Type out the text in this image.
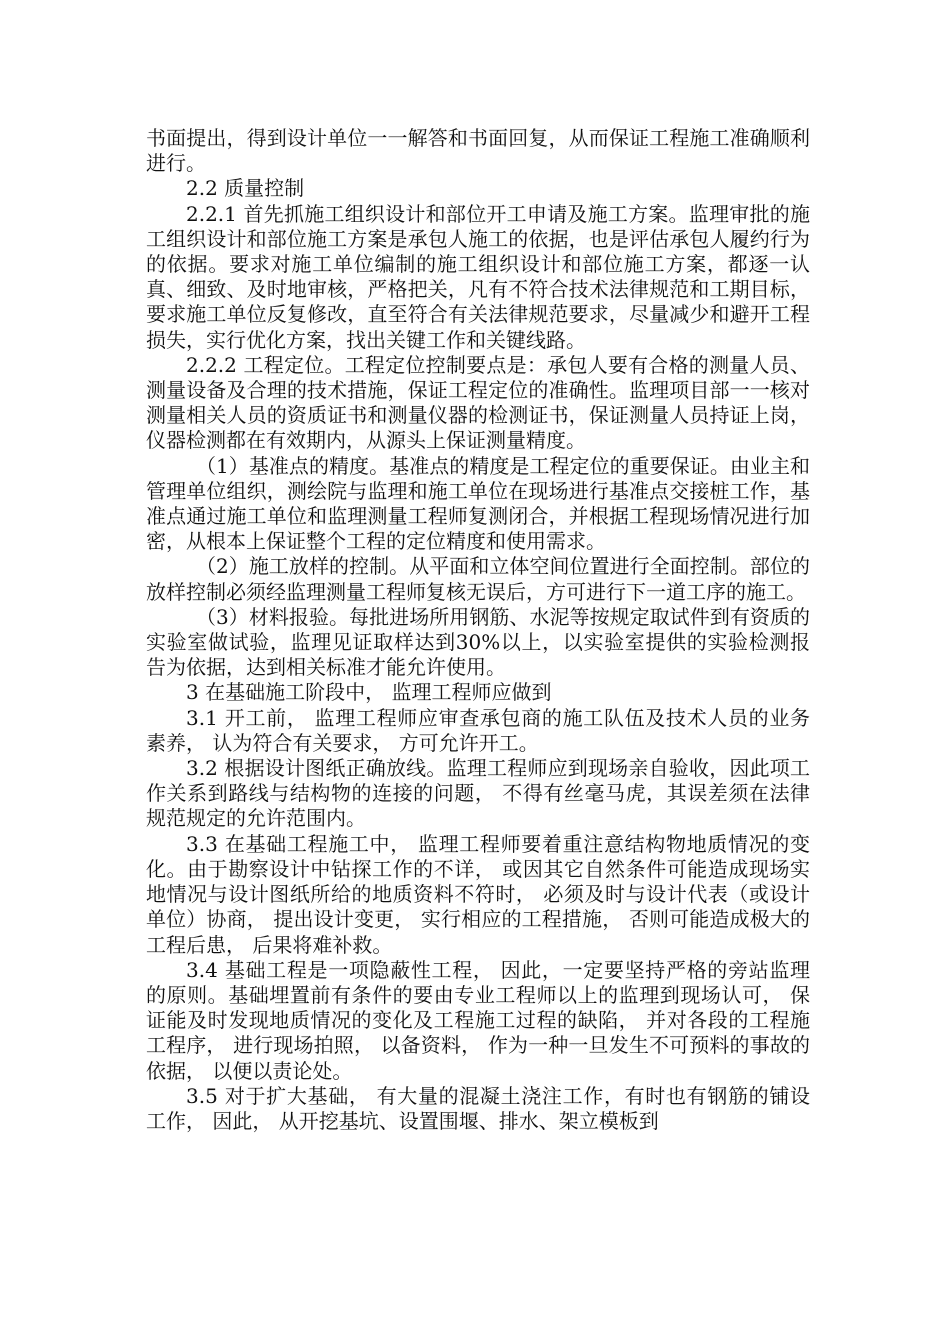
书面提出，得到设计单位一一解答和书面回复，从而保证工程施工准确顺利进行。

2.2 质量控制

2.2.1 首先抓施工组织设计和部位开工申请及施工方案。监理审批的施工组织设计和部位施工方案是承包人施工的依据，也是评估承包人履约行为的依据。要求对施工单位编制的施工组织设计和部位施工方案，都逐一认真、细致、及时地审核，严格把关，凡有不符合技术法律规范和工期目标，要求施工单位反复修改，直至符合有关法律规范要求，尽量减少和避开工程损失，实行优化方案，找出关键工作和关键线路。

2.2.2 工程定位。工程定位控制要点是：承包人要有合格的测量人员、测量设备及合理的技术措施，保证工程定位的准确性。监理项目部一一核对测量相关人员的资质证书和测量仪器的检测证书，保证测量人员持证上岗，仪器检测都在有效期内，从源头上保证测量精度。

（1）基准点的精度。基准点的精度是工程定位的重要保证。由业主和管理单位组织，测绘院与监理和施工单位在现场进行基准点交接桩工作，基准点通过施工单位和监理测量工程师复测闭合，并根据工程现场情况进行加密，从根本上保证整个工程的定位精度和使用需求。

（2）施工放样的控制。从平面和立体空间位置进行全面控制。部位的放样控制必须经监理测量工程师复核无误后，方可进行下一道工序的施工。

（3）材料报验。每批进场所用钢筋、水泥等按规定取试件到有资质的实验室做试验，监理见证取样达到30%以上，以实验室提供的实验检测报告为依据，达到相关标准才能允许使用。

3 在基础施工阶段中， 监理工程师应做到

3.1 开工前， 监理工程师应审查承包商的施工队伍及技术人员的业务素养， 认为符合有关要求， 方可允许开工。

3.2 根据设计图纸正确放线。监理工程师应到现场亲自验收，因此项工作关系到路线与结构物的连接的问题， 不得有丝毫马虎，其误差须在法律规范规定的允许范围内。

3.3 在基础工程施工中， 监理工程师要着重注意结构物地质情况的变化。由于勘察设计中钻探工作的不详， 或因其它自然条件可能造成现场实地情况与设计图纸所给的地质资料不符时， 必须及时与设计代表（或设计单位）协商， 提出设计变更， 实行相应的工程措施， 否则可能造成极大的工程后患， 后果将难补救。

3.4 基础工程是一项隐蔽性工程， 因此，一定要坚持严格的旁站监理的原则。基础埋置前有条件的要由专业工程师以上的监理到现场认可， 保证能及时发现地质情况的变化及工程施工过程的缺陷， 并对各段的工程施工程序， 进行现场拍照， 以备资料， 作为一种一旦发生不可预料的事故的依据， 以便以责论处。

3.5 对于扩大基础， 有大量的混凝土浇注工作，有时也有钢筋的铺设工作， 因此， 从开挖基坑、设置围堰、排水、架立模板到
